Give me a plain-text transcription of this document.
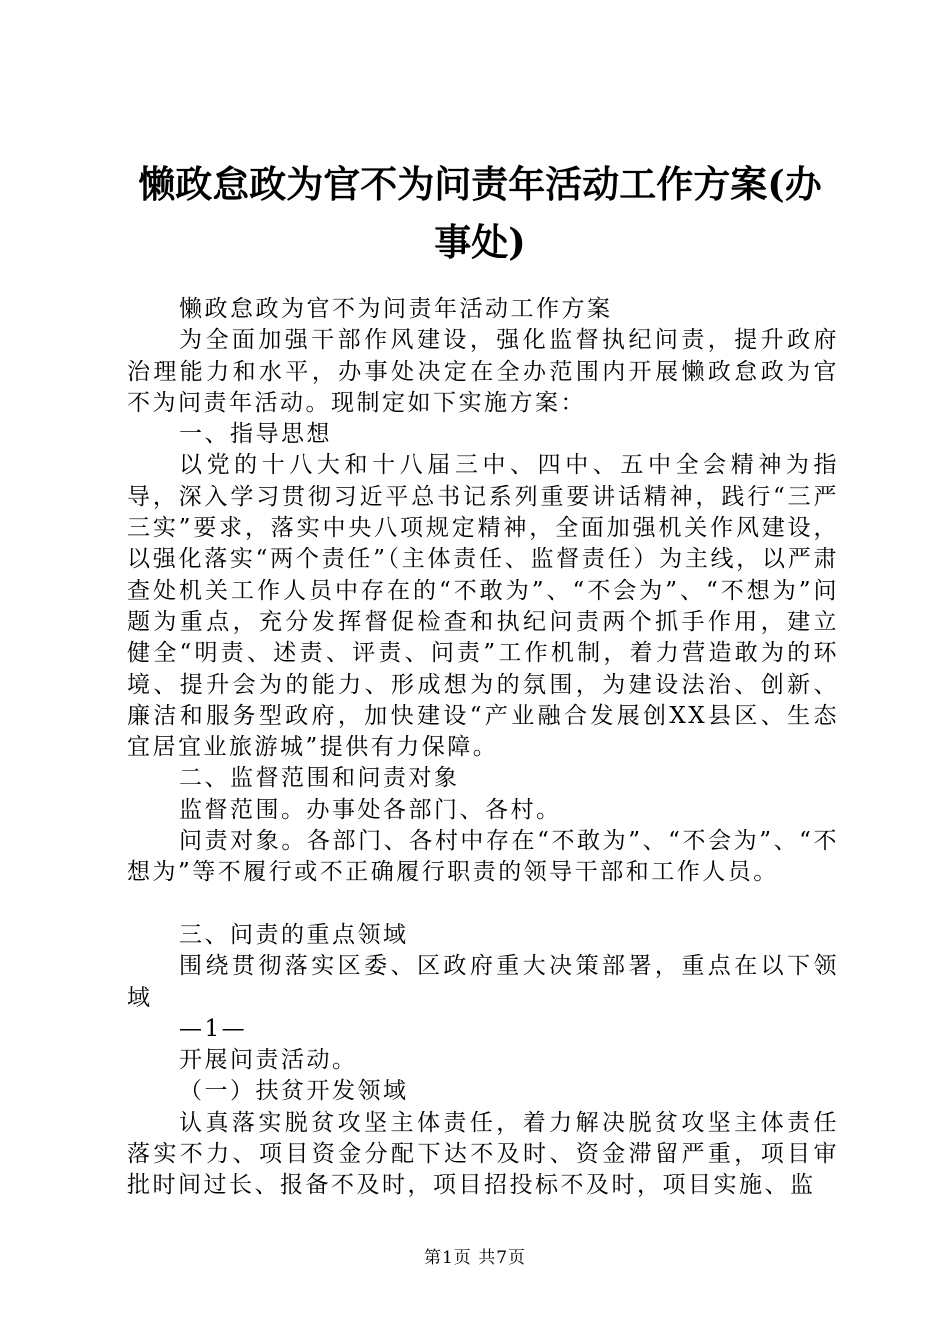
懒政怠政为官不为问责年活动工作方案(办事处)

懒政怠政为官不为问责年活动工作方案

为全面加强干部作风建设，强化监督执纪问责，提升政府治理能力和水平，办事处决定在全办范围内开展懒政怠政为官不为问责年活动。现制定如下实施方案：

一、指导思想

以党的十八大和十八届三中、四中、五中全会精神为指导，深入学习贯彻习近平总书记系列重要讲话精神，践行“三严三实”要求，落实中央八项规定精神，全面加强机关作风建设，以强化落实“两个责任”（主体责任、监督责任）为主线，以严肃查处机关工作人员中存在的“不敢为”、“不会为”、“不想为”问题为重点，充分发挥督促检查和执纪问责两个抓手作用，建立健全“明责、述责、评责、问责”工作机制，着力营造敢为的环境、提升会为的能力、形成想为的氛围，为建设法治、创新、廉洁和服务型政府，加快建设“产业融合发展创XX县区、生态宜居宜业旅游城”提供有力保障。

二、监督范围和问责对象

监督范围。办事处各部门、各村。

问责对象。各部门、各村中存在“不敢为”、“不会为”、“不想为”等不履行或不正确履行职责的领导干部和工作人员。

三、问责的重点领域

围绕贯彻落实区委、区政府重大决策部署，重点在以下领域

—1—

开展问责活动。

（一）扶贫开发领域

认真落实脱贫攻坚主体责任，着力解决脱贫攻坚主体责任落实不力、项目资金分配下达不及时、资金滞留严重，项目审批时间过长、报备不及时，项目招投标不及时，项目实施、监

第1页 共7页
